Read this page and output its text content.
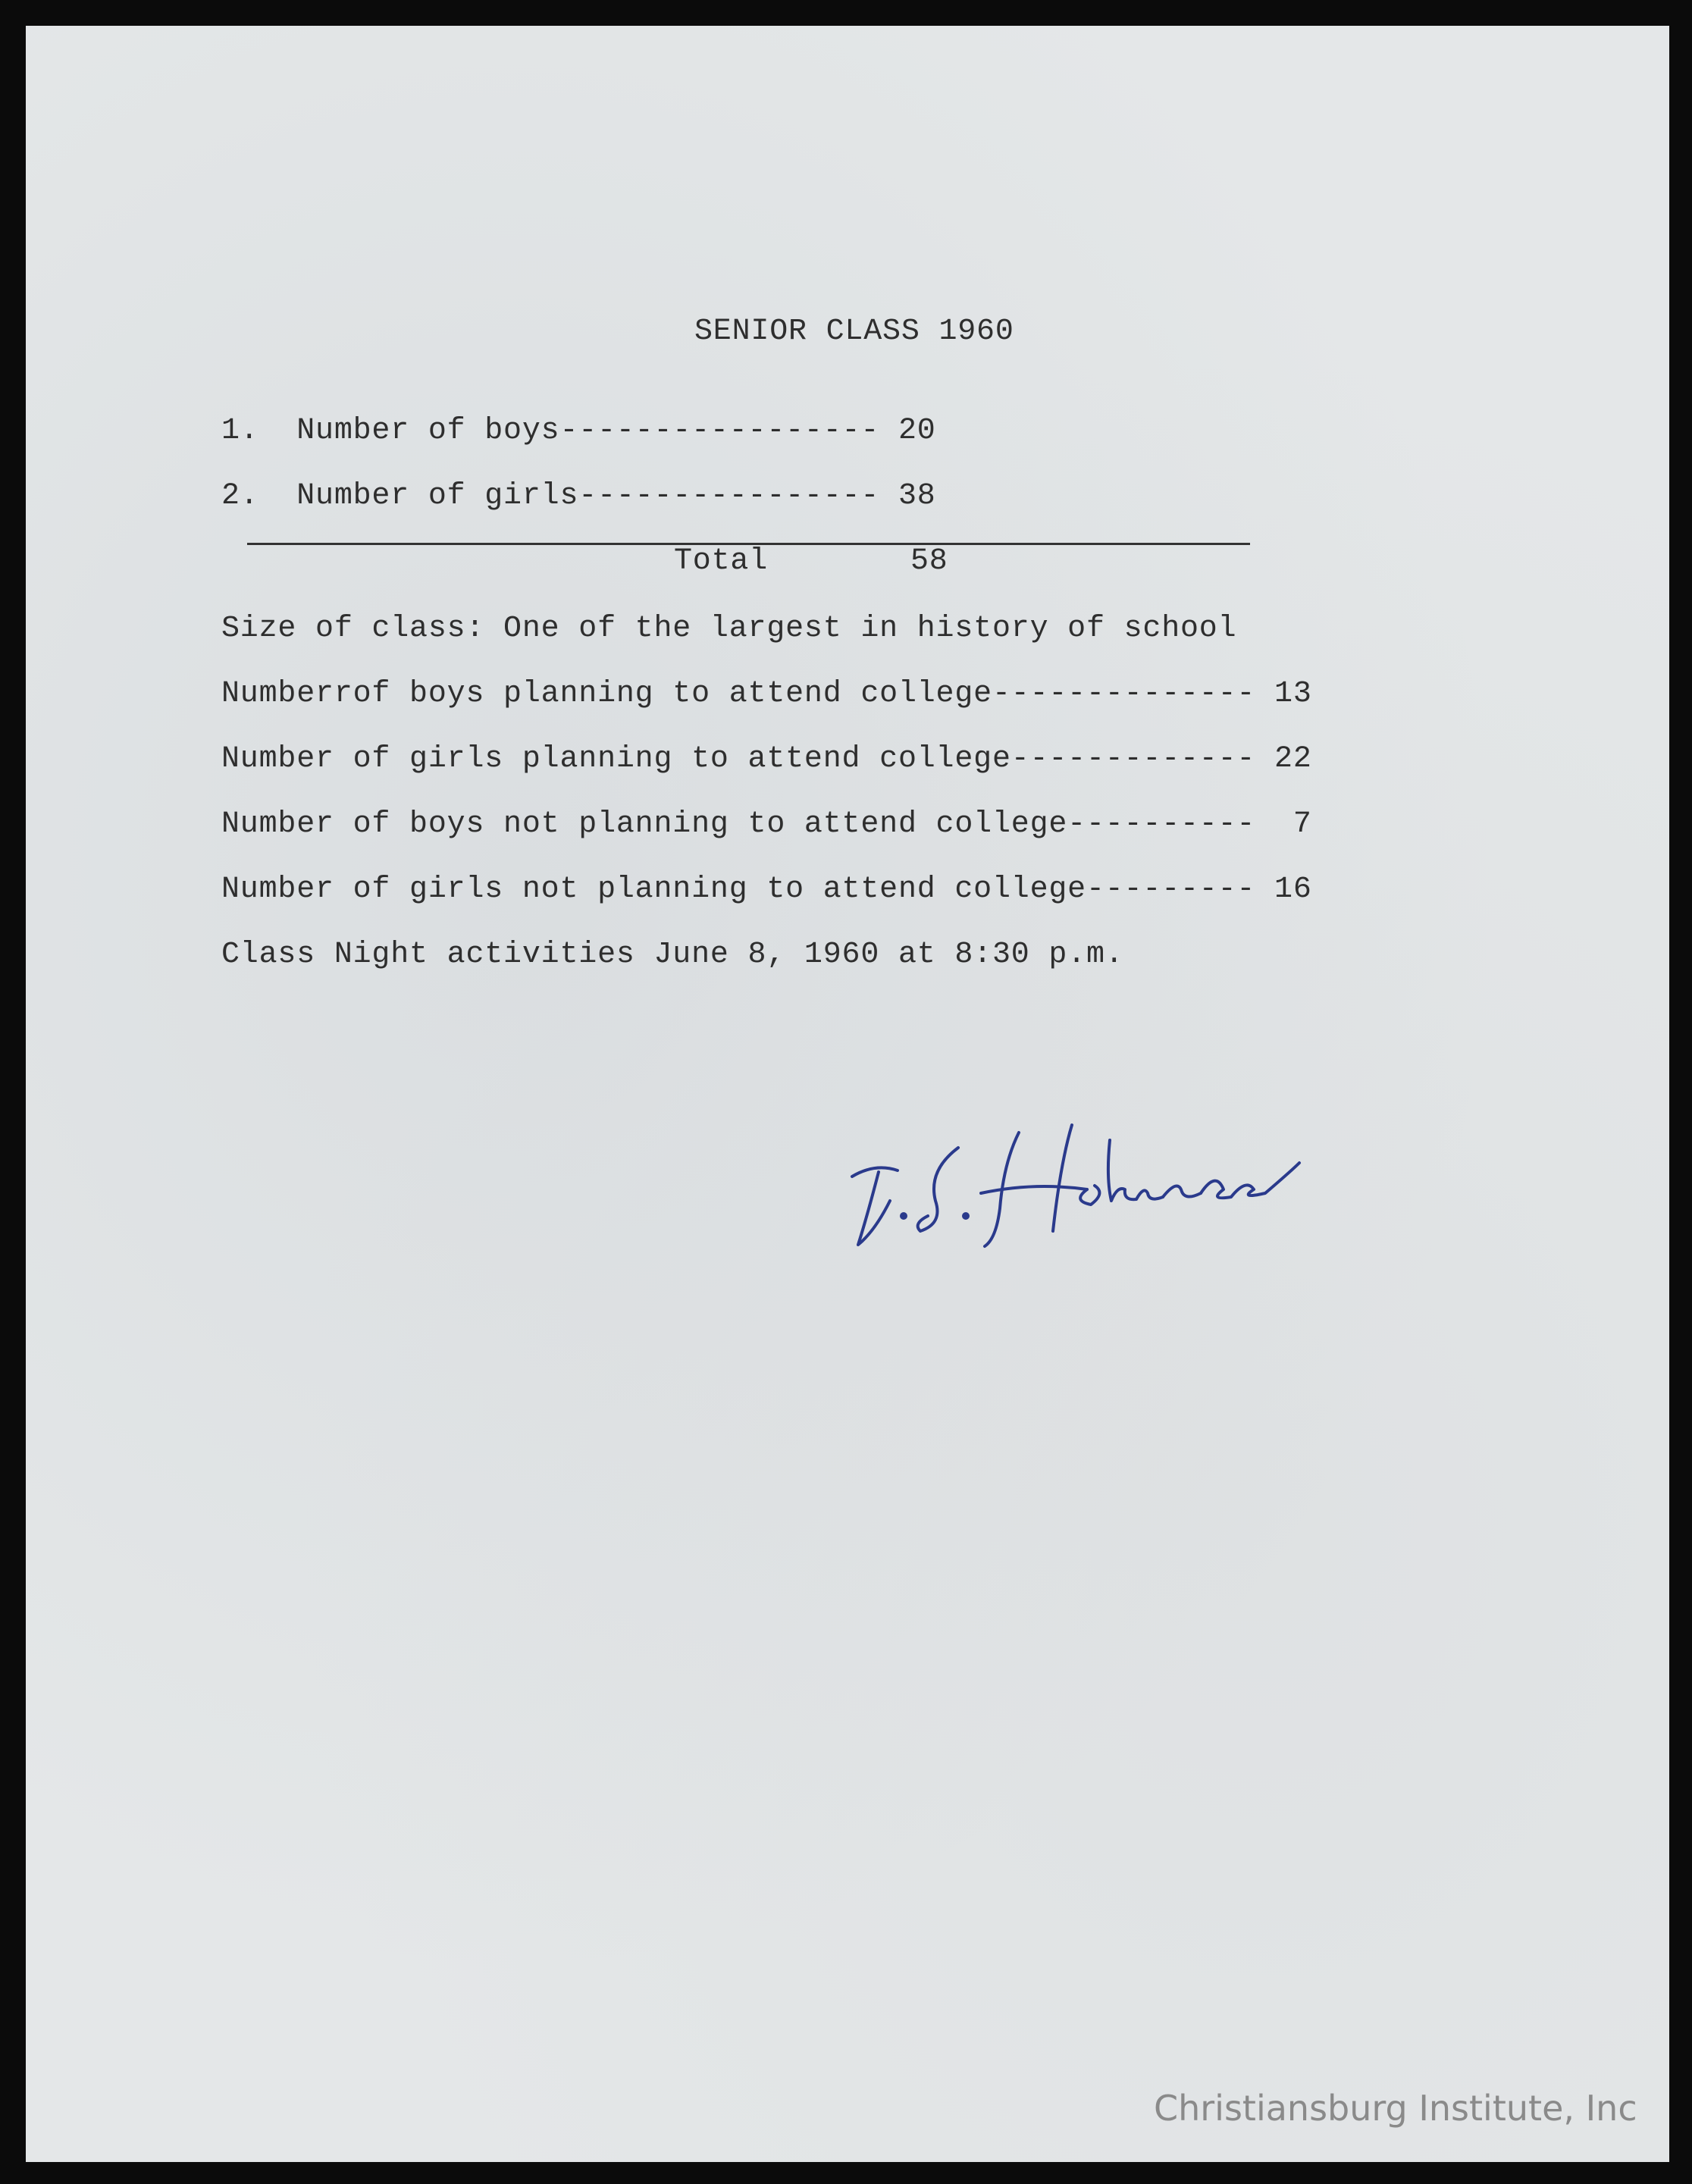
SENIOR CLASS 1960
1.  Number of boys----------------- 20
2.  Number of girls---------------- 38
Total	58
Size of class: One of the largest in history of school
Numberrof boys planning to attend college-------------- 13
Number of girls planning to attend college------------- 22
Number of boys not planning to attend college----------  7
Number of girls not planning to attend college--------- 16
Class Night activities June 8, 1960 at 8:30 p.m.
Christiansburg Institute, Inc
